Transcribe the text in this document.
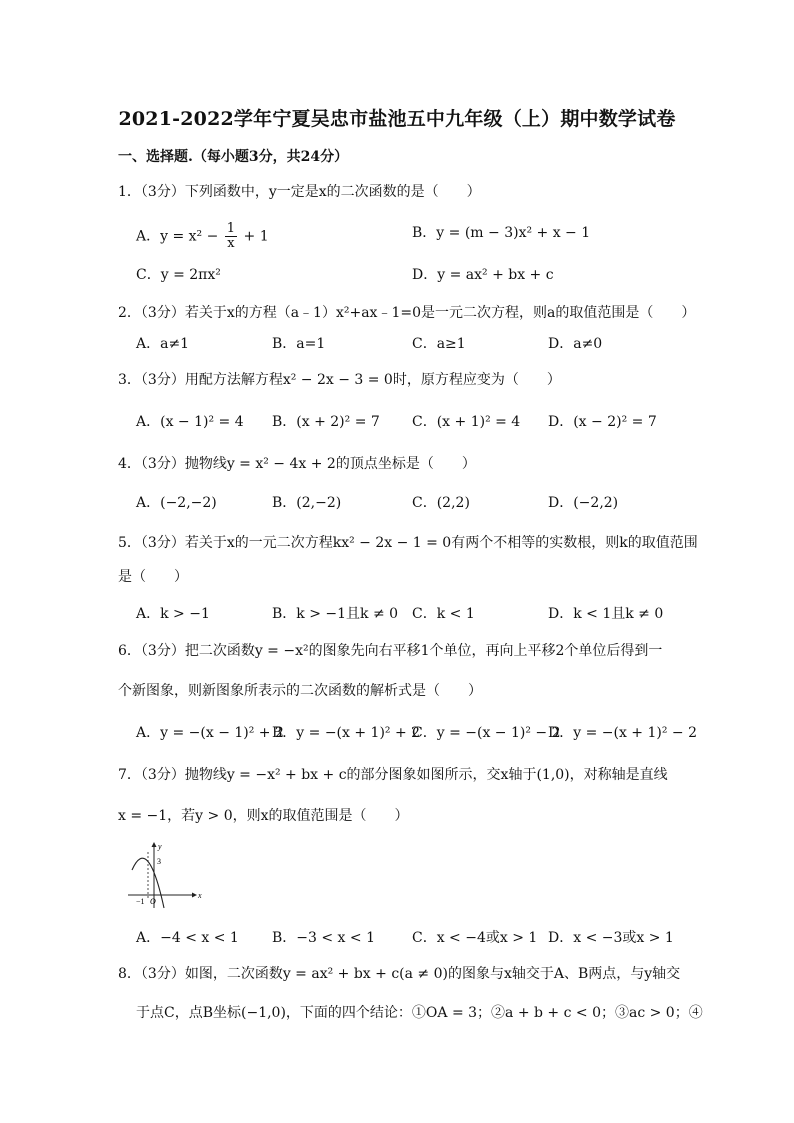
2021-2022学年宁夏吴忠市盐池五中九年级（上）期中数学试卷
一、选择题.（每小题3分，共24分）
1．（3分）下列函数中，y一定是x的二次函数的是（　　）
A．$y = x^2 - \frac{1}{x} + 1$	B．y = (m − 3)x² + x − 1
C．y = 2πx²	D．y = ax² + bx + c
2．（3分）若关于x的方程（a﹣1）x²+ax﹣1=0是一元二次方程，则a的取值范围是（　　）
A．a≠1	B．a=1	C．a≥1	D．a≠0
3．（3分）用配方法解方程x² − 2x − 3 = 0时，原方程应变为（　　）
A．(x − 1)² = 4 B．(x + 2)² = 7 C．(x + 1)² = 4 D．(x − 2)² = 7
4．（3分）抛物线y = x² − 4x + 2的顶点坐标是（　　）
A．(−2,−2)	B．(2,−2)	C．(2,2)	D．(−2,2)
5．（3分）若关于x的一元二次方程kx² − 2x − 1 = 0有两个不相等的实数根，则k的取值范围
是（　　）
A．k > −1	B．k > −1且k ≠ 0 C．k < 1	D．k < 1且k ≠ 0
6．（3分）把二次函数y = −x²的图象先向右平移1个单位，再向上平移2个单位后得到一
个新图象，则新图象所表示的二次函数的解析式是（　　）
A．y = −(x − 1)² + 2
B．y = −(x + 1)² + 2
C．y = −(x − 1)² − 2
D．y = −(x + 1)² − 2
7．（3分）抛物线y = −x² + bx + c的部分图象如图所示，交x轴于(1,0)，对称轴是直线
x = −1，若y > 0，则x的取值范围是（　　）
y
x
3
−1 O
A．−4 < x < 1 B．−3 < x < 1	C．x < −4或x > 1 D．x < −3或x > 1
8．（3分）如图，二次函数y = ax² + bx + c(a ≠ 0)的图象与x轴交于A、B两点，与y轴交
于点C，点B坐标(−1,0)，下面的四个结论：①OA = 3；②a + b + c < 0；③ac > 0；④
